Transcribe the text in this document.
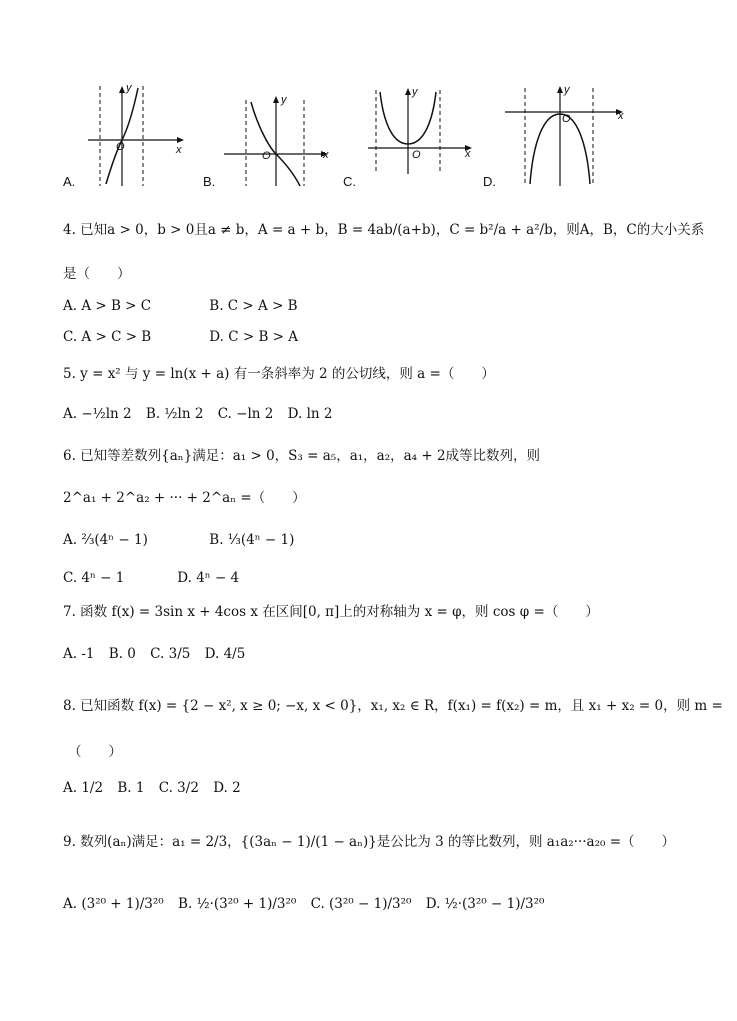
y
x
O
A.
y
x
O
B.
y
x
O
C.
y
x
O
D.
4. 已知a > 0，b > 0且a ≠ b，A = a + b，B = 4ab/(a+b)，C = b²/a + a²/b，则A，B，C的大小关系
是（　　）
A. A > B > C	B. C > A > B
C. A > C > B	D. C > B > A
5. y = x² 与 y = ln(x + a) 有一条斜率为 2 的公切线，则 a =（　　）
A. −½ln 2 B. ½ln 2 C. −ln 2 D. ln 2
6. 已知等差数列{aₙ}满足：a₁ > 0，S₃ = a₅，a₁，a₂，a₄ + 2成等比数列，则
2^a₁ + 2^a₂ + ··· + 2^aₙ =（　　）
A. ⅔(4ⁿ − 1)	B. ⅓(4ⁿ − 1)
C. 4ⁿ − 1	D. 4ⁿ − 4
7. 函数 f(x) = 3sin x + 4cos x 在区间[0, π]上的对称轴为 x = φ，则 cos φ =（　　）
A. -1 B. 0 C. 3/5 D. 4/5
8. 已知函数 f(x) = {2 − x², x ≥ 0; −x, x < 0}，x₁, x₂ ∈ R，f(x₁) = f(x₂) = m，且 x₁ + x₂ = 0，则 m =
（　　）
A. 1/2 B. 1 C. 3/2 D. 2
9. 数列(aₙ)满足：a₁ = 2/3，{(3aₙ − 1)/(1 − aₙ)}是公比为 3 的等比数列，则 a₁a₂···a₂₀ =（　　）
A. (3²⁰ + 1)/3²⁰ B. ½·(3²⁰ + 1)/3²⁰ C. (3²⁰ − 1)/3²⁰ D. ½·(3²⁰ − 1)/3²⁰
